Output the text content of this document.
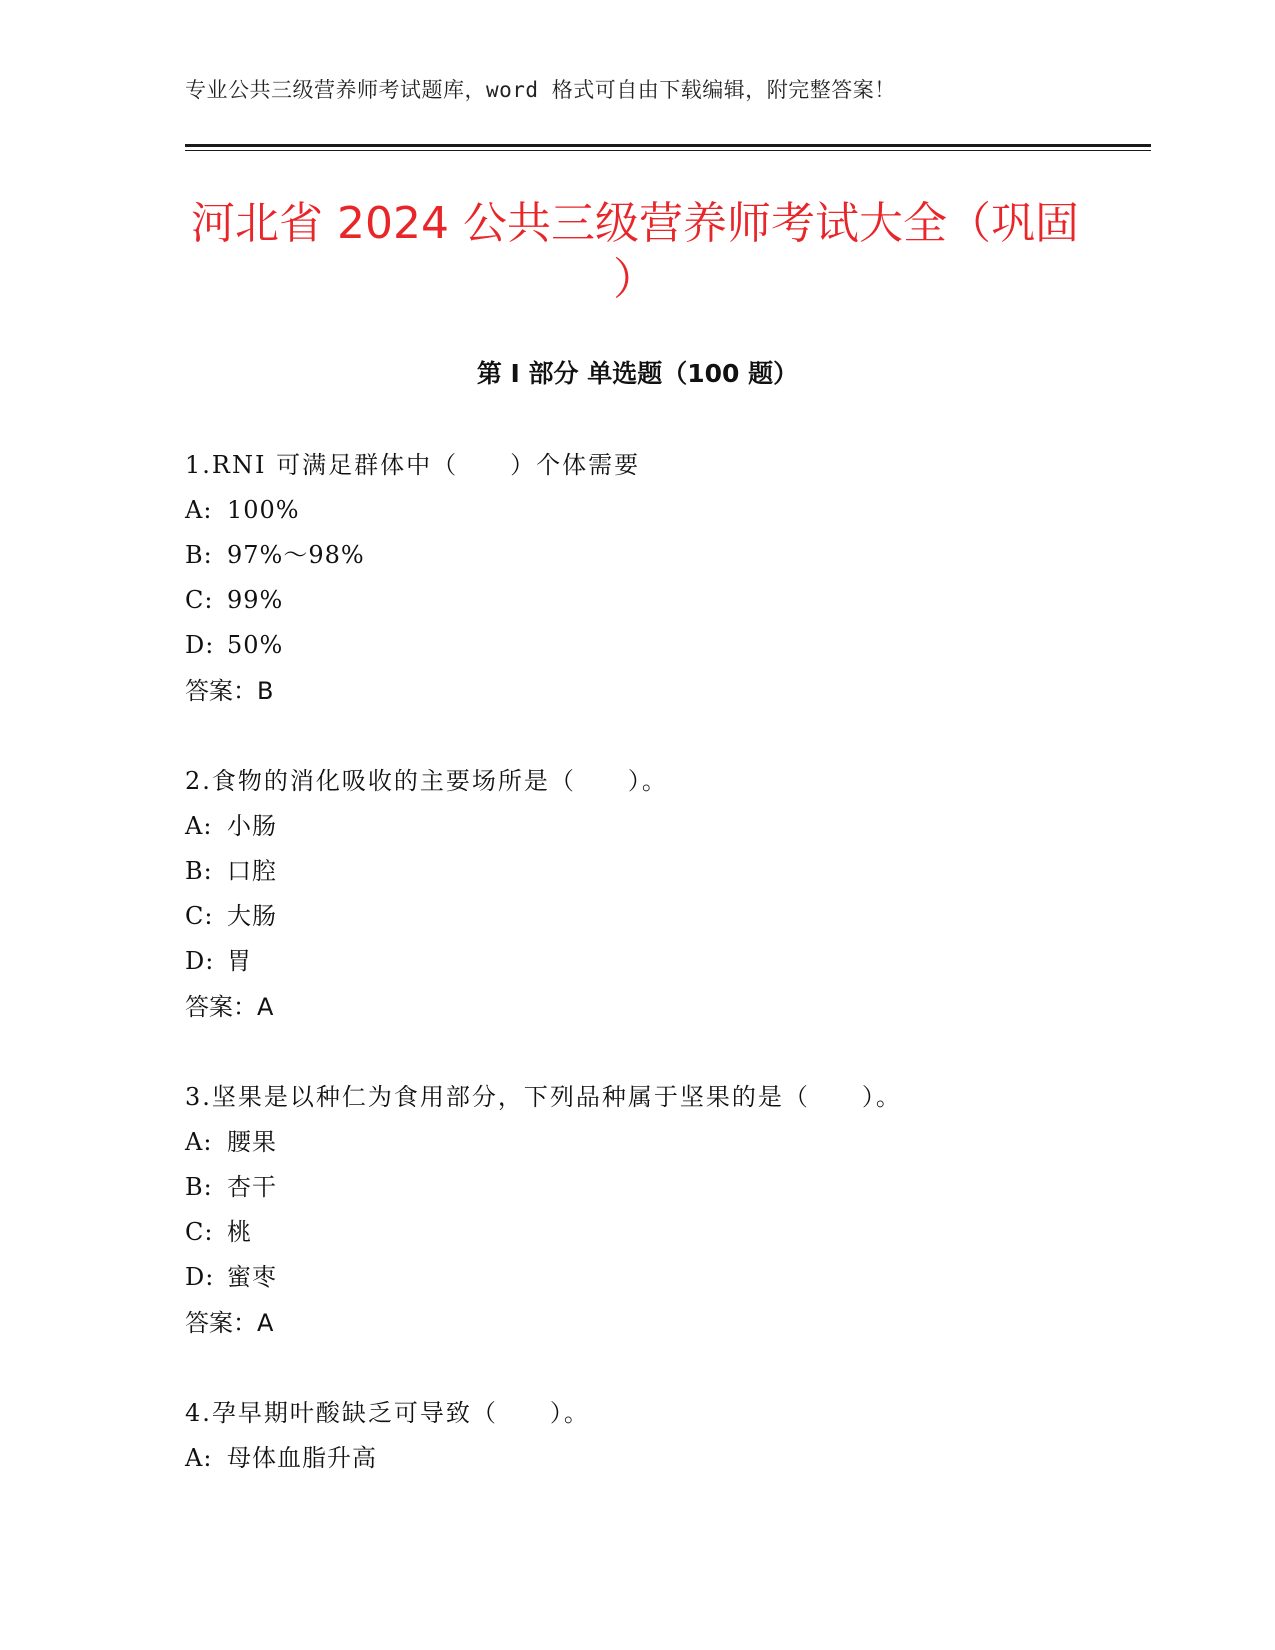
专业公共三级营养师考试题库，word 格式可自由下载编辑，附完整答案！
河北省 2024 公共三级营养师考试大全（巩固
）
第 I 部分 单选题（100 题）
1.RNI 可满足群体中（　　）个体需要
A: 100%
B: 97%～98%
C: 99%
D: 50%
答案：B
2.食物的消化吸收的主要场所是（　　）。
A: 小肠
B: 口腔
C: 大肠
D: 胃
答案：A
3.坚果是以种仁为食用部分，下列品种属于坚果的是（　　）。
A: 腰果
B: 杏干
C: 桃
D: 蜜枣
答案：A
4.孕早期叶酸缺乏可导致（　　）。
A: 母体血脂升高
